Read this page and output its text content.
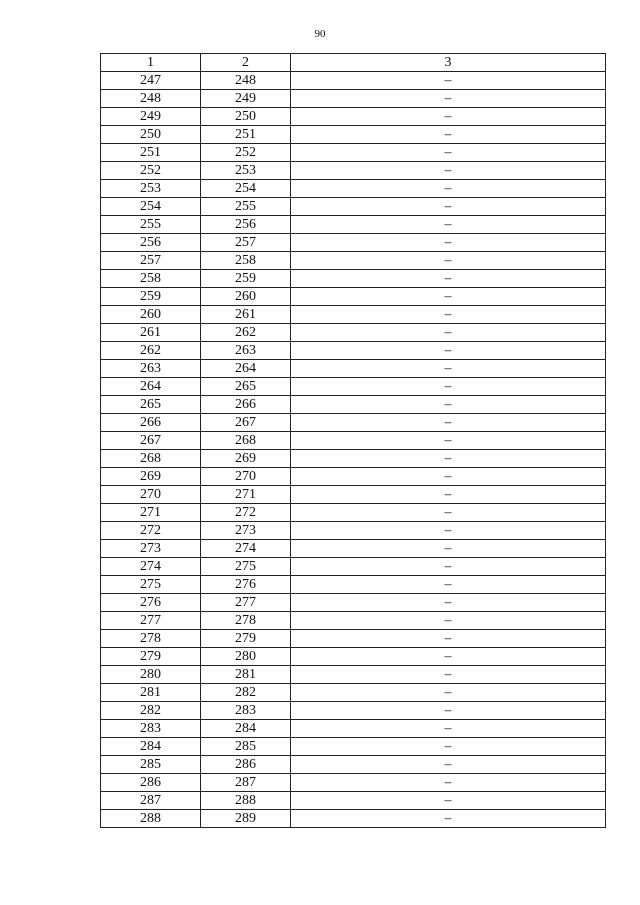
90
1	2	3
247	248	–
248	249	–
249	250	–
250	251	–
251	252	–
252	253	–
253	254	–
254	255	–
255	256	–
256	257	–
257	258	–
258	259	–
259	260	–
260	261	–
261	262	–
262	263	–
263	264	–
264	265	–
265	266	–
266	267	–
267	268	–
268	269	–
269	270	–
270	271	–
271	272	–
272	273	–
273	274	–
274	275	–
275	276	–
276	277	–
277	278	–
278	279	–
279	280	–
280	281	–
281	282	–
282	283	–
283	284	–
284	285	–
285	286	–
286	287	–
287	288	–
288	289	–
